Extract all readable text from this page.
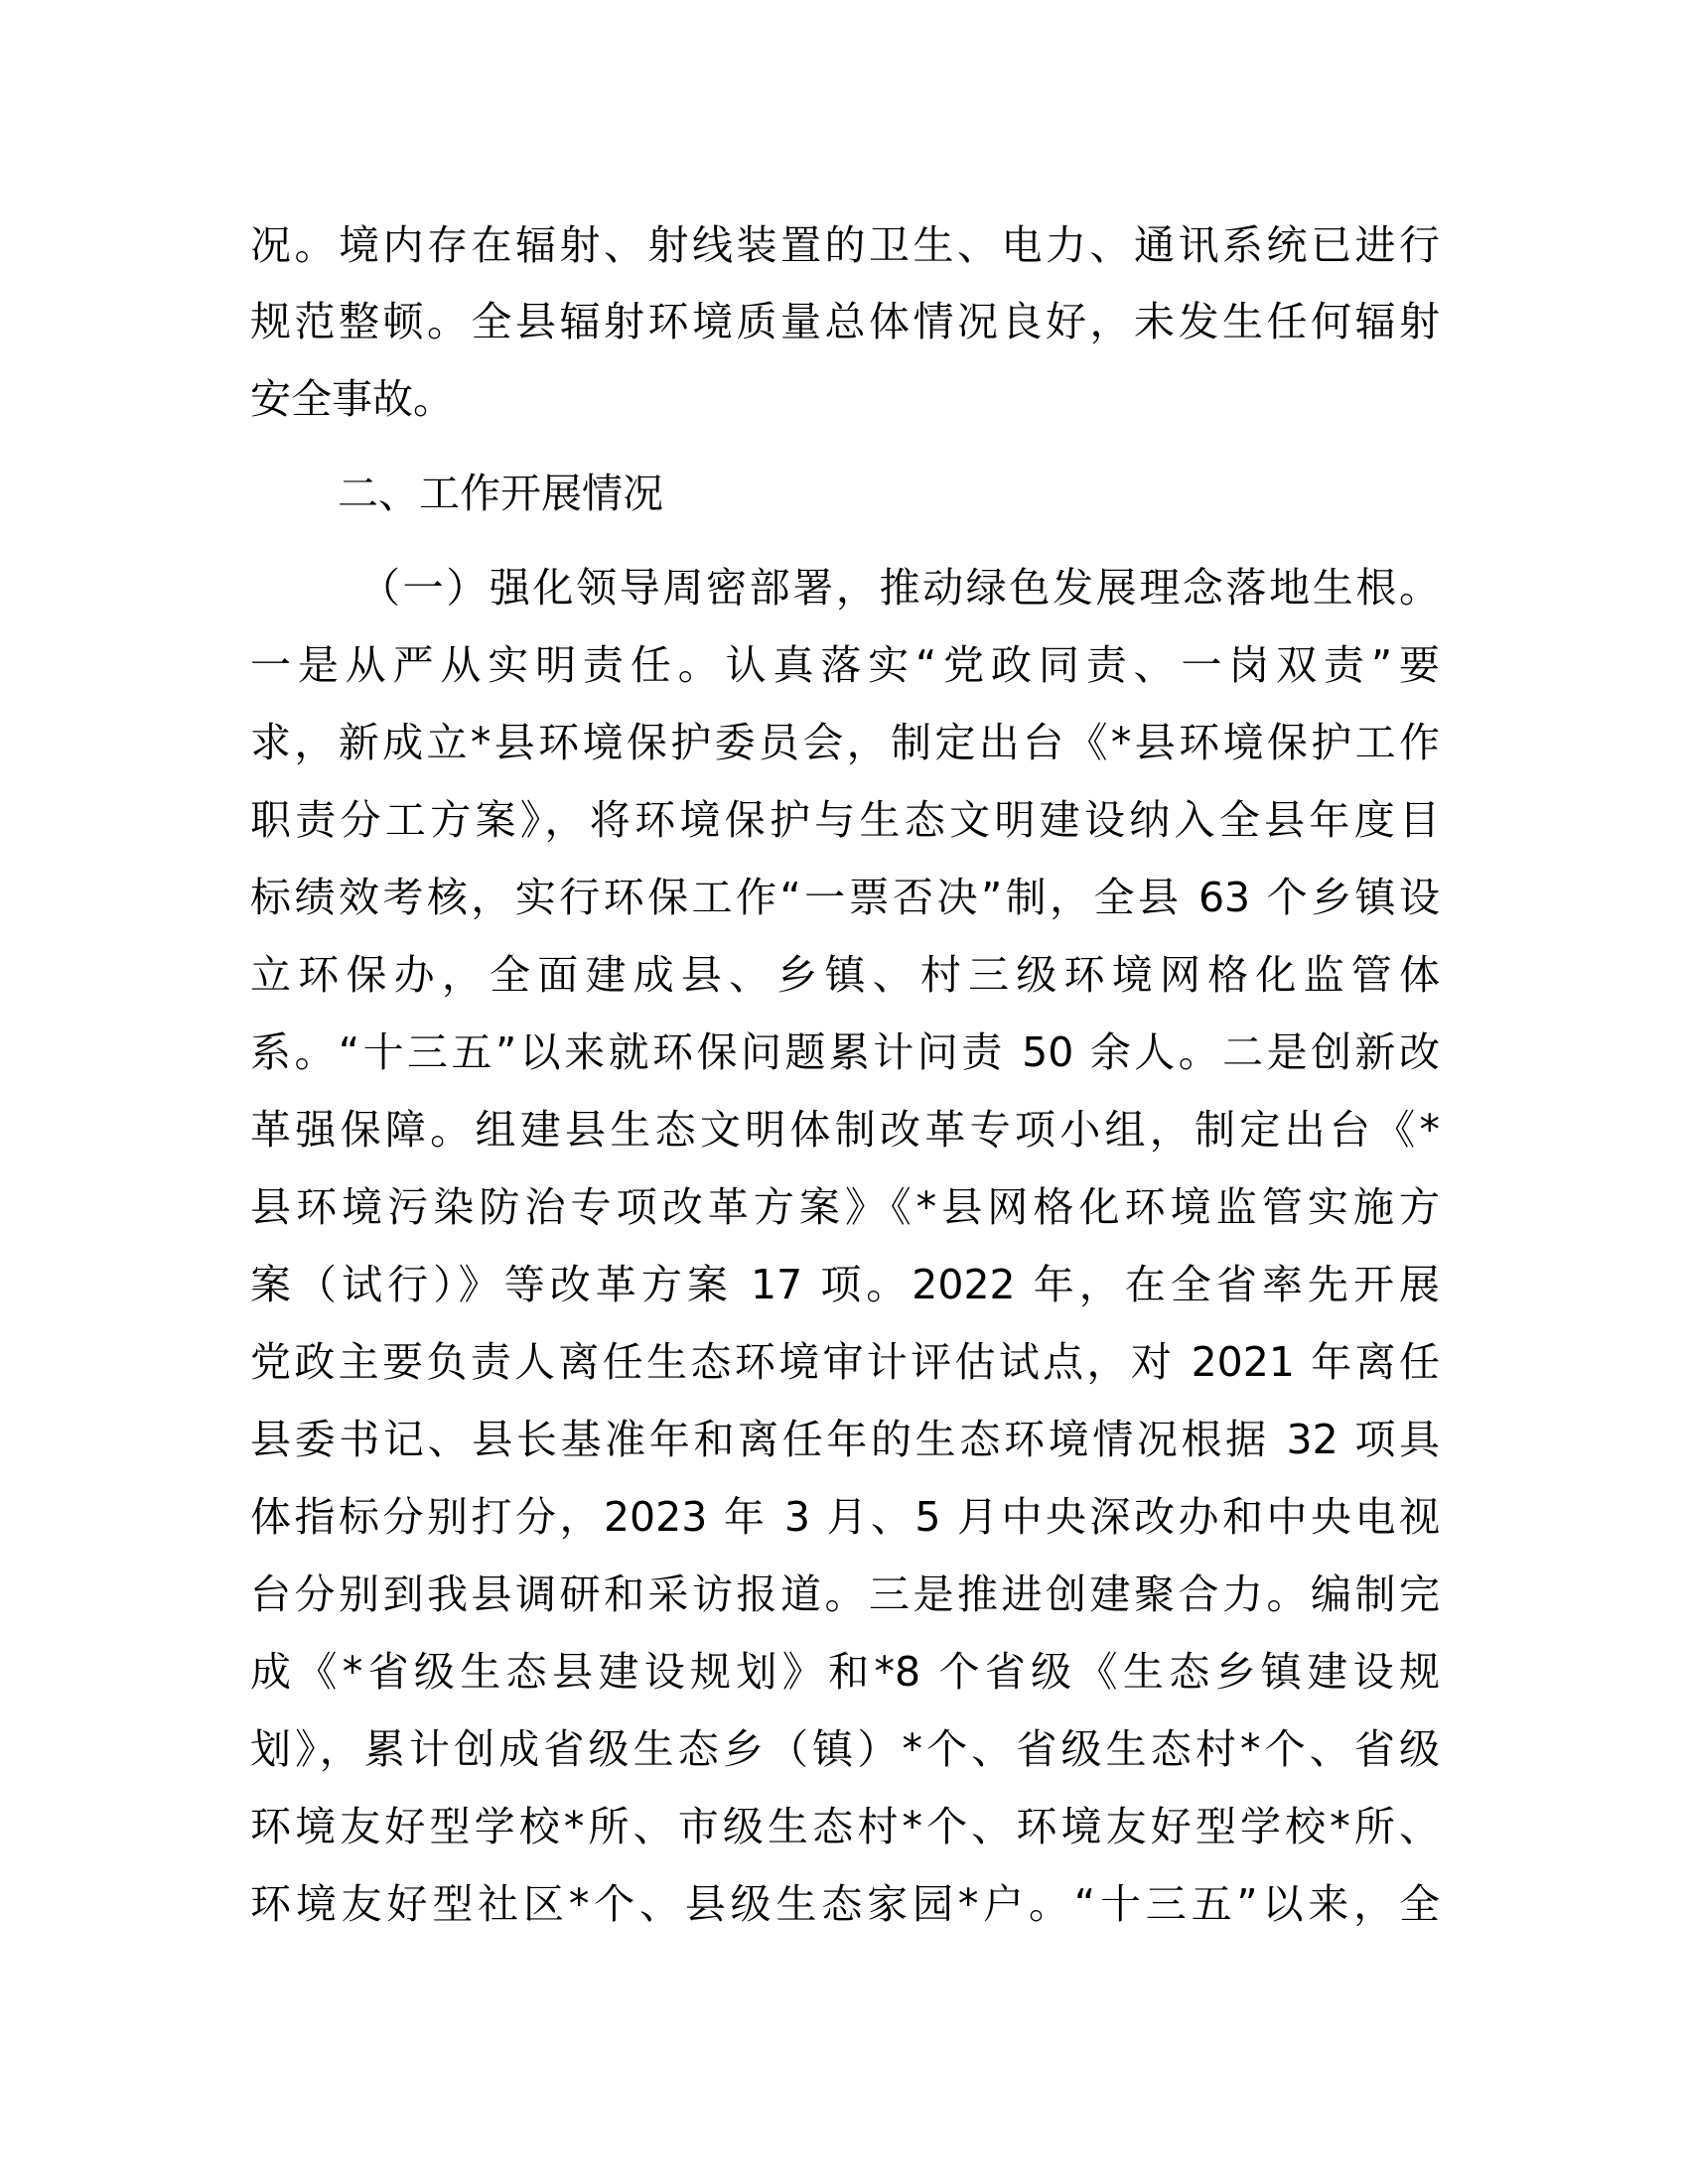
况。境内存在辐射、射线装置的卫生、电力、通讯系统已进行
规范整顿。全县辐射环境质量总体情况良好，未发生任何辐射
安全事故。
二、工作开展情况
（一）强化领导周密部署，推动绿色发展理念落地生根。
一是从严从实明责任。认真落实“党政同责、一岗双责”要
求，新成立*县环境保护委员会，制定出台《*县环境保护工作
职责分工方案》，将环境保护与生态文明建设纳入全县年度目
标绩效考核，实行环保工作“一票否决”制，全县 63 个乡镇设
立环保办，全面建成县、乡镇、村三级环境网格化监管体
系。“十三五”以来就环保问题累计问责 50 余人。二是创新改
革强保障。组建县生态文明体制改革专项小组，制定出台《*
县环境污染防治专项改革方案》《*县网格化环境监管实施方
案（试行）》等改革方案 17 项。2022 年，在全省率先开展
党政主要负责人离任生态环境审计评估试点，对 2021 年离任
县委书记、县长基准年和离任年的生态环境情况根据 32 项具
体指标分别打分，2023 年 3 月、5 月中央深改办和中央电视
台分别到我县调研和采访报道。三是推进创建聚合力。编制完
成《*省级生态县建设规划》和*8 个省级《生态乡镇建设规
划》，累计创成省级生态乡（镇）*个、省级生态村*个、省级
环境友好型学校*所、市级生态村*个、环境友好型学校*所、
环境友好型社区*个、县级生态家园*户。“十三五”以来，全
